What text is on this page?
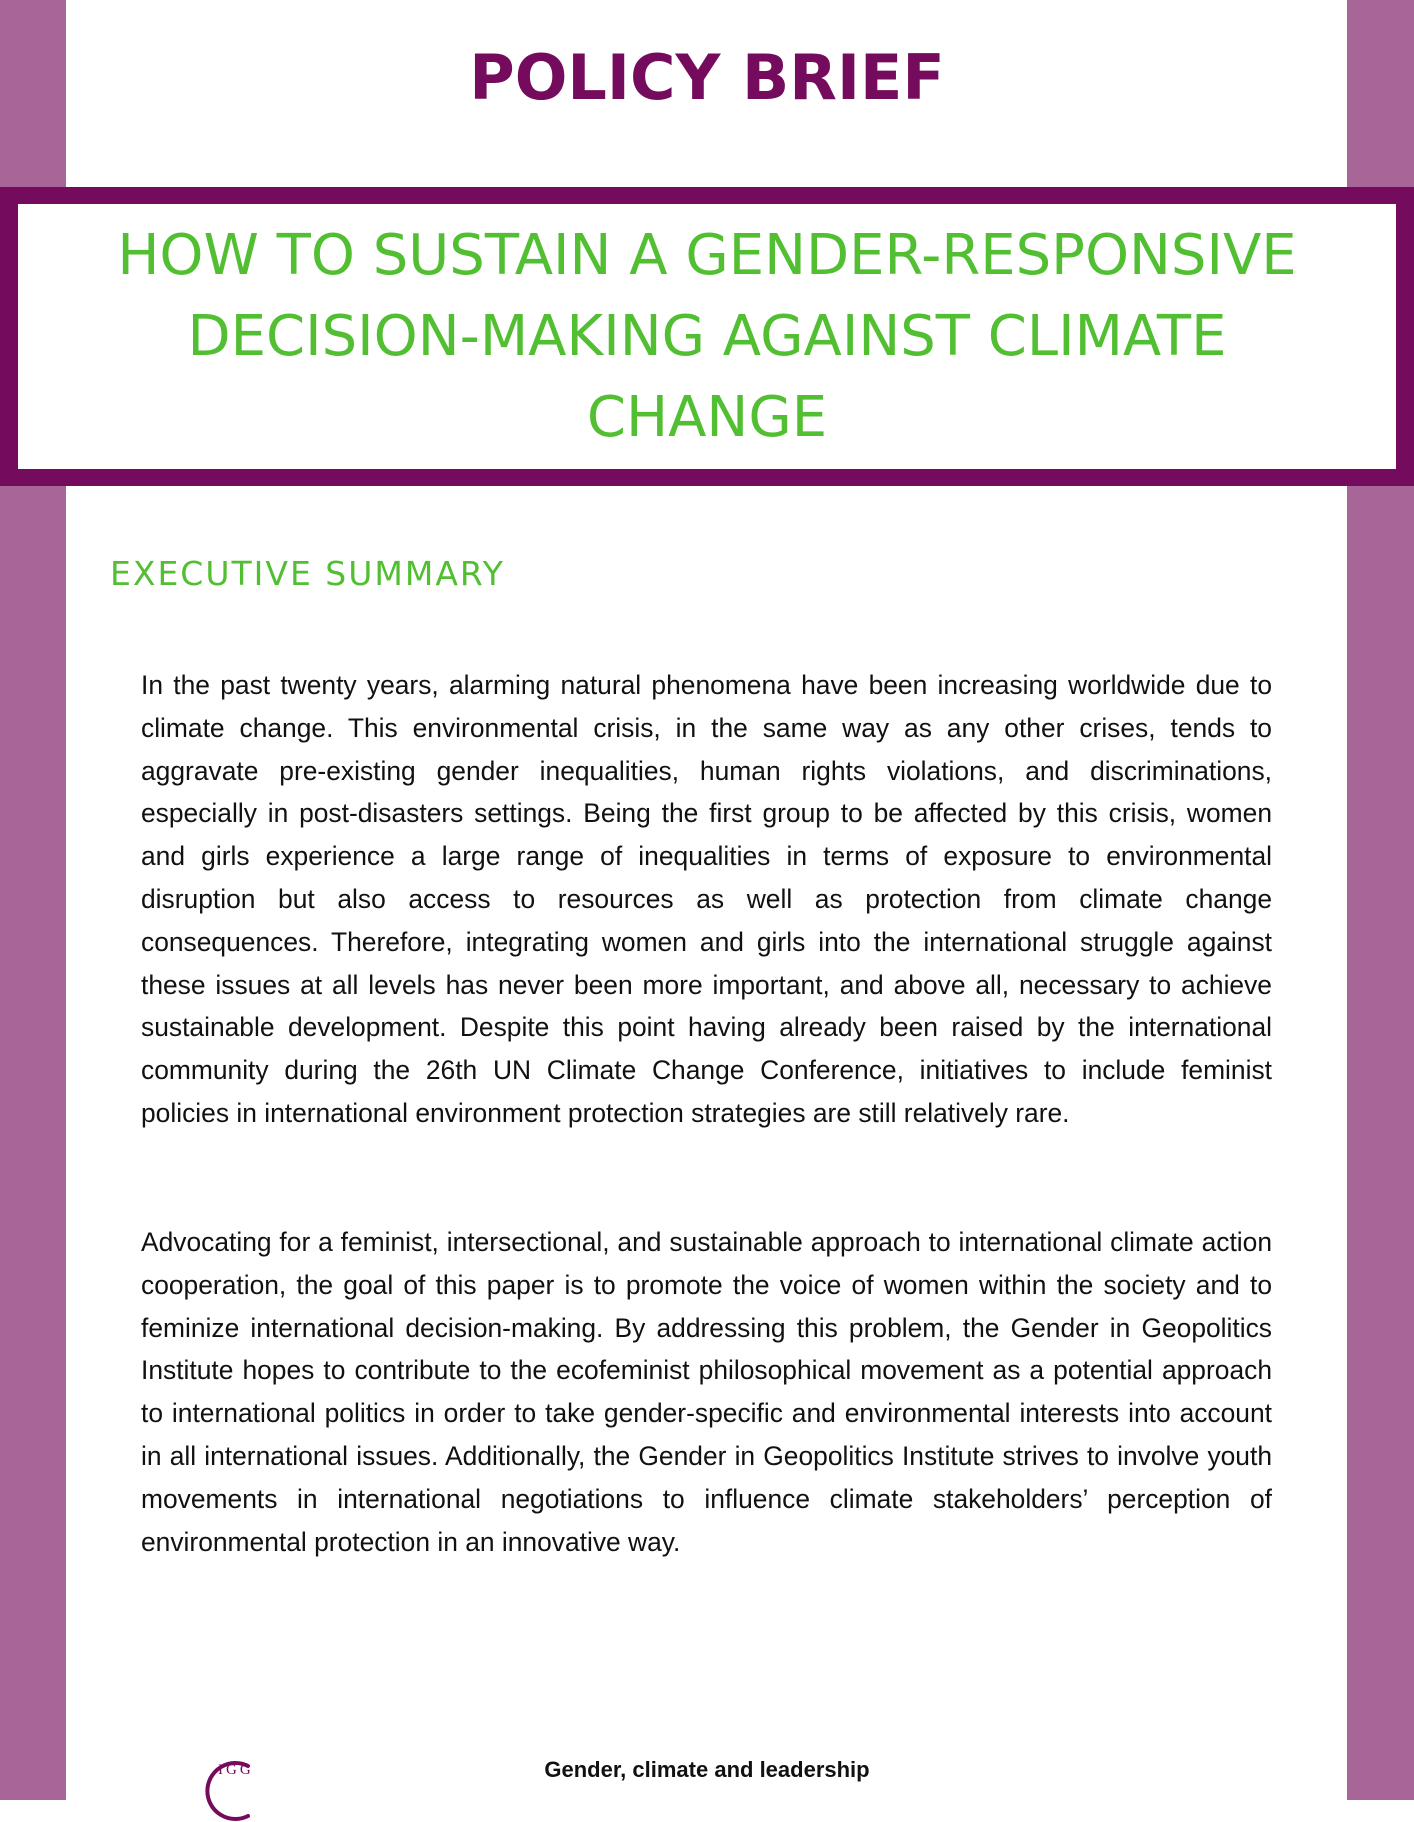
POLICY BRIEF
HOW TO SUSTAIN A GENDER-RESPONSIVE DECISION-MAKING AGAINST CLIMATE CHANGE
EXECUTIVE SUMMARY

In the past twenty years, alarming natural phenomena have been increasing worldwide due to climate change. This environmental crisis, in the same way as any other crises, tends to aggravate pre-existing gender inequalities, human rights violations, and discriminations, especially in post-disasters settings. Being the first group to be affected by this crisis, women and girls experience a large range of inequalities in terms of exposure to environmental disruption but also access to resources as well as protection from climate change consequences. Therefore, integrating women and girls into the international struggle against these issues at all levels has never been more important, and above all, necessary to achieve sustainable development. Despite this point having already been raised by the international community during the 26th UN Climate Change Conference, initiatives to include feminist policies in international environment protection strategies are still relatively rare.

Advocating for a feminist, intersectional, and sustainable approach to international climate action cooperation, the goal of this paper is to promote the voice of women within the society and to feminize international decision-making. By addressing this problem, the Gender in Geopolitics Institute hopes to contribute to the ecofeminist philosophical movement as a potential approach to international politics in order to take gender-specific and environmental interests into account in all international issues. Additionally, the Gender in Geopolitics Institute strives to involve youth movements in international negotiations to influence climate stakeholders’ perception of environmental protection in an innovative way.

IGG	Gender, climate and leadership
